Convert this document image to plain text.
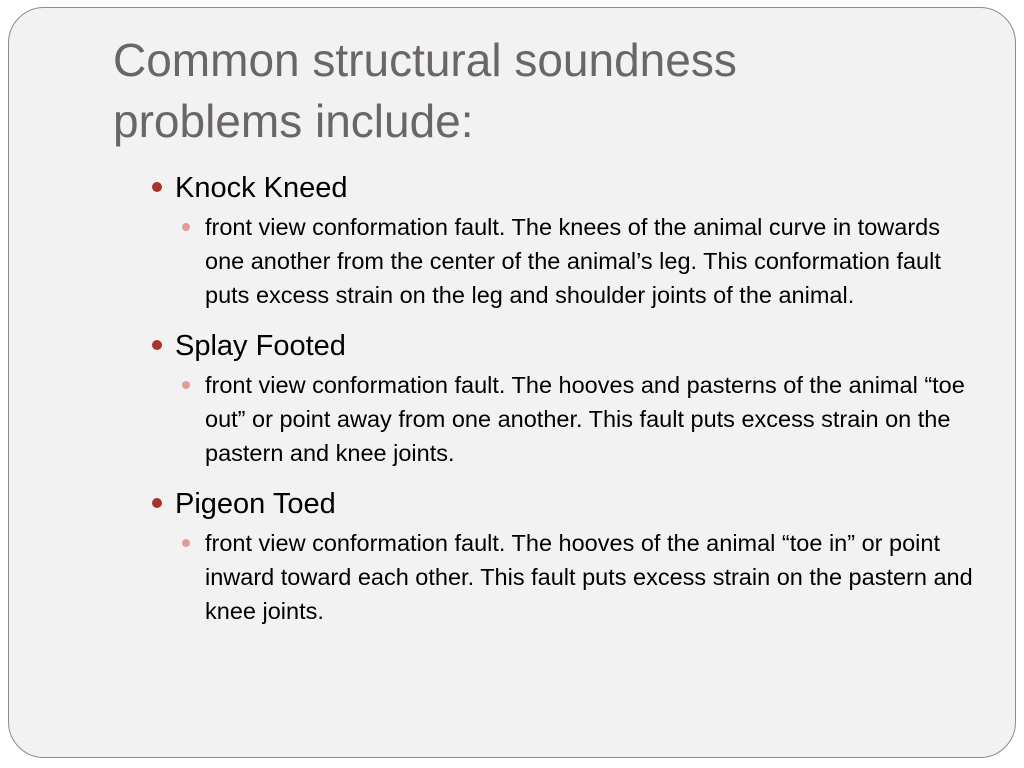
Common structural soundness
problems include:
Knock Kneed
front view conformation fault. The knees of the animal curve in towards one another from the center of the animal’s leg. This conformation fault puts excess strain on the leg and shoulder joints of the animal.
Splay Footed
front view conformation fault. The hooves and pasterns of the animal “toe out” or point away from one another. This fault puts excess strain on the pastern and knee joints.
Pigeon Toed
front view conformation fault. The hooves of the animal “toe in” or point inward toward each other. This fault puts excess strain on the pastern and knee joints.
